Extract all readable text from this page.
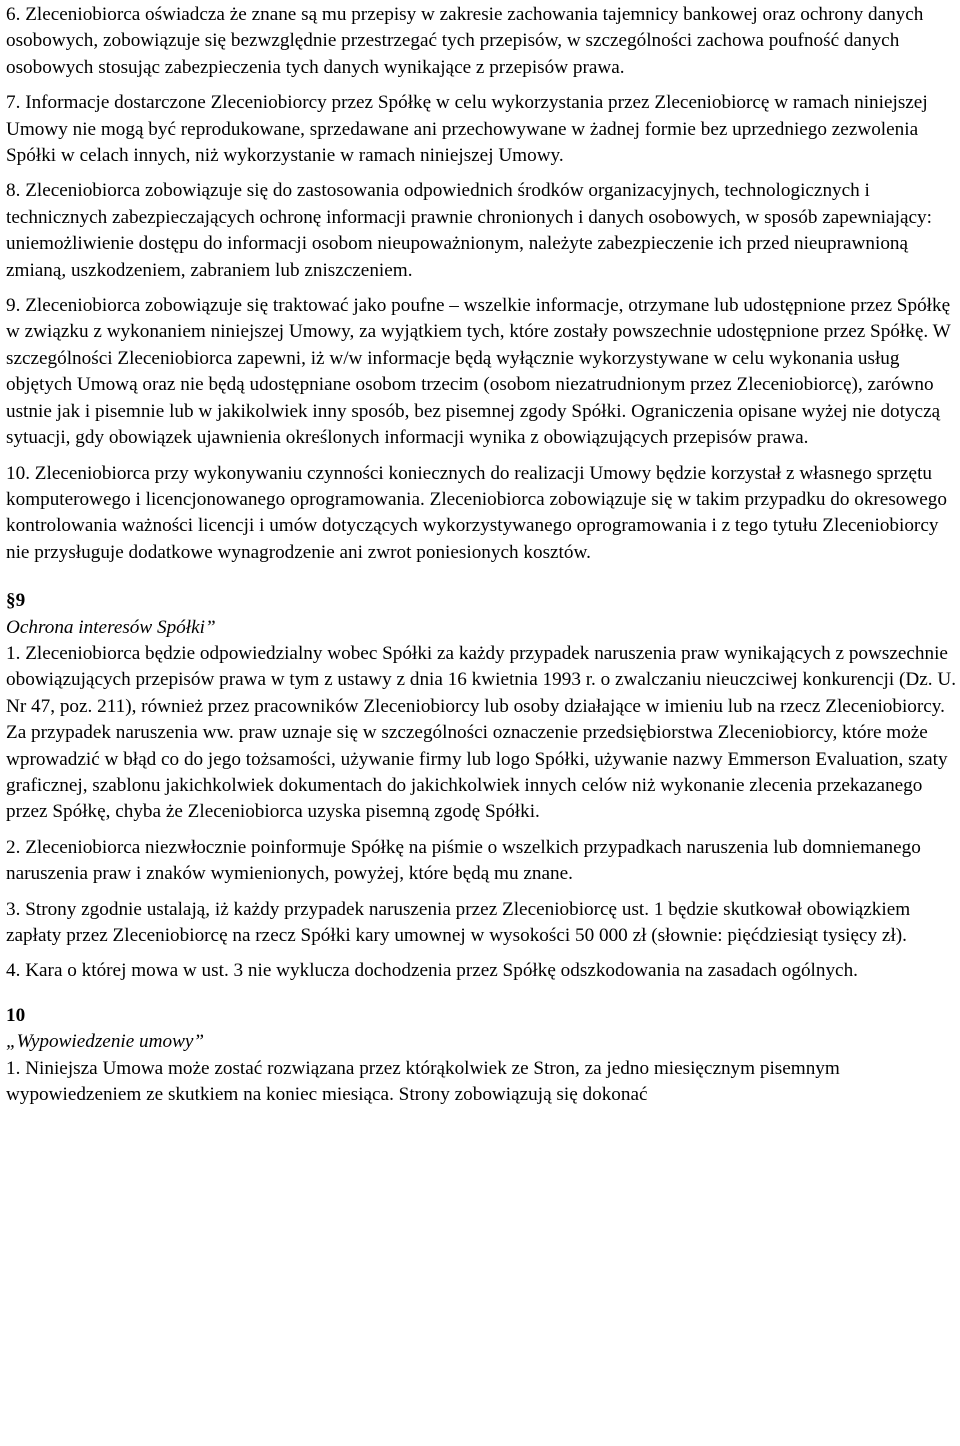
6. Zleceniobiorca oświadcza że znane są mu przepisy w zakresie zachowania tajemnicy bankowej oraz ochrony danych osobowych, zobowiązuje się bezwzględnie przestrzegać tych przepisów, w szczególności zachowa poufność danych osobowych stosując zabezpieczenia tych danych wynikające z przepisów prawa.

7. Informacje dostarczone Zleceniobiorcy przez Spółkę w celu wykorzystania przez Zleceniobiorcę w ramach niniejszej Umowy nie mogą być reprodukowane, sprzedawane ani przechowywane w żadnej formie bez uprzedniego zezwolenia Spółki w celach innych, niż wykorzystanie w ramach niniejszej Umowy.

8. Zleceniobiorca zobowiązuje się do zastosowania odpowiednich środków organizacyjnych, technologicznych i technicznych zabezpieczających ochronę informacji prawnie chronionych i danych osobowych, w sposób zapewniający: uniemożliwienie dostępu do informacji osobom nieupoważnionym, należyte zabezpieczenie ich przed nieuprawnioną zmianą, uszkodzeniem, zabraniem lub zniszczeniem.

9. Zleceniobiorca zobowiązuje się traktować jako poufne – wszelkie informacje, otrzymane lub udostępnione przez Spółkę w związku z wykonaniem niniejszej Umowy, za wyjątkiem tych, które zostały powszechnie udostępnione przez Spółkę. W szczególności Zleceniobiorca zapewni, iż w/w informacje będą wyłącznie wykorzystywane w celu wykonania usług objętych Umową oraz nie będą udostępniane osobom trzecim (osobom niezatrudnionym przez Zleceniobiorcę), zarówno ustnie jak i pisemnie lub w jakikolwiek inny sposób, bez pisemnej zgody Spółki. Ograniczenia opisane wyżej nie dotyczą sytuacji, gdy obowiązek ujawnienia określonych informacji wynika z obowiązujących przepisów prawa.

10. Zleceniobiorca przy wykonywaniu czynności koniecznych do realizacji Umowy będzie korzystał z własnego sprzętu komputerowego i licencjonowanego oprogramowania. Zleceniobiorca zobowiązuje się w takim przypadku do okresowego kontrolowania ważności licencji i umów dotyczących wykorzystywanego oprogramowania i z tego tytułu Zleceniobiorcy nie przysługuje dodatkowe wynagrodzenie ani zwrot poniesionych kosztów.

§9

Ochrona interesów Spółki”

1. Zleceniobiorca będzie odpowiedzialny wobec Spółki za każdy przypadek naruszenia praw wynikających z powszechnie obowiązujących przepisów prawa w tym z ustawy z dnia 16 kwietnia 1993 r. o zwalczaniu nieuczciwej konkurencji (Dz. U. Nr 47, poz. 211), również przez pracowników Zleceniobiorcy lub osoby działające w imieniu lub na rzecz Zleceniobiorcy. Za przypadek naruszenia ww. praw uznaje się w szczególności oznaczenie przedsiębiorstwa Zleceniobiorcy, które może wprowadzić w błąd co do jego tożsamości, używanie firmy lub logo Spółki, używanie nazwy Emmerson Evaluation, szaty graficznej, szablonu jakichkolwiek dokumentach do jakichkolwiek innych celów niż wykonanie zlecenia przekazanego przez Spółkę, chyba że Zleceniobiorca uzyska pisemną zgodę Spółki.

2. Zleceniobiorca niezwłocznie poinformuje Spółkę na piśmie o wszelkich przypadkach naruszenia lub domniemanego naruszenia praw i znaków wymienionych, powyżej, które będą mu znane.

3. Strony zgodnie ustalają, iż każdy przypadek naruszenia przez Zleceniobiorcę ust. 1 będzie skutkował obowiązkiem zapłaty przez Zleceniobiorcę na rzecz Spółki kary umownej w wysokości 50 000 zł (słownie: pięćdziesiąt tysięcy zł).

4. Kara o której mowa w ust. 3 nie wyklucza dochodzenia przez Spółkę odszkodowania na zasadach ogólnych.

10

„Wypowiedzenie umowy”

1. Niniejsza Umowa może zostać rozwiązana przez którąkolwiek ze Stron, za jedno miesięcznym pisemnym wypowiedzeniem ze skutkiem na koniec miesiąca. Strony zobowiązują się dokonać
